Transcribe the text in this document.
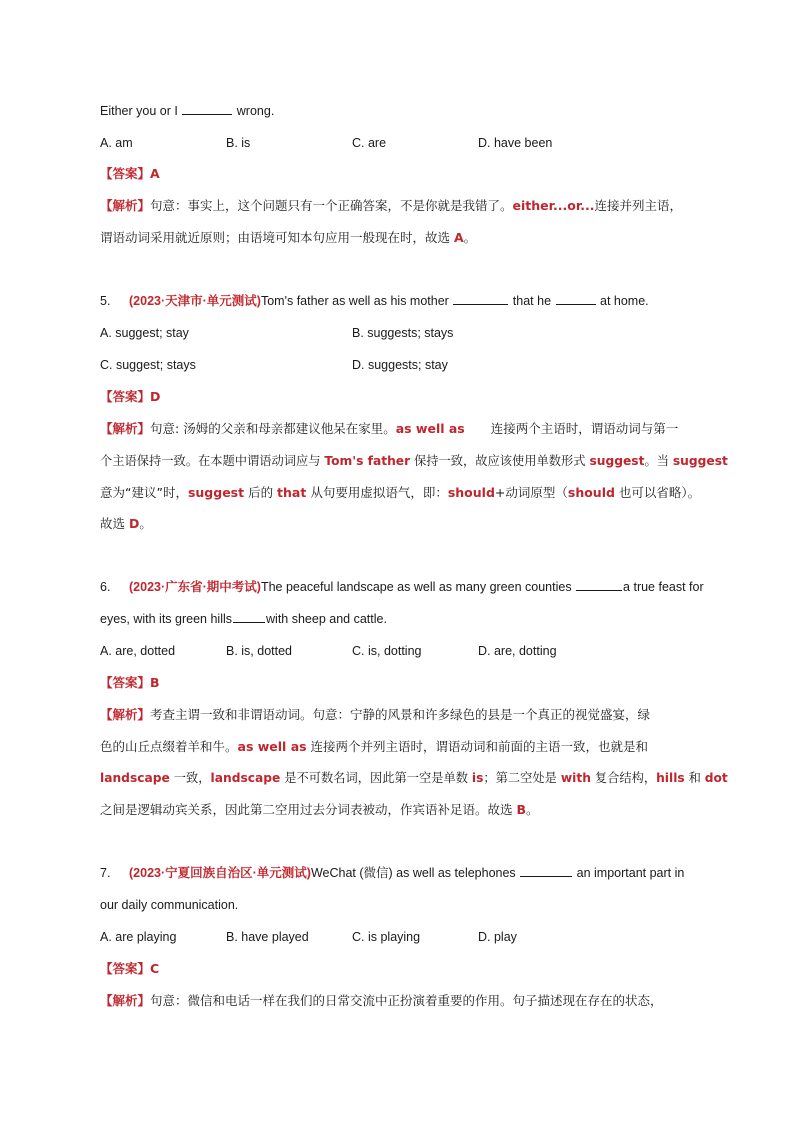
Either you or I	wrong.
A. am	B. is	C. are	D. have been
【答案】A
【解析】句意：事实上，这个问题只有一个正确答案，不是你就是我错了。either...or...连接并列主语，
谓语动词采用就近原则；由语境可知本句应用一般现在时，故选 A。
5. (2023·天津市·单元测试)Tom's father as well as his mother	that he	at home.
A. suggest; stay	B. suggests; stays
C. suggest; stays	D. suggests; stay
【答案】D
【解析】句意: 汤姆的父亲和母亲都建议他呆在家里。as well as 连接两个主语时，谓语动词与第一
个主语保持一致。在本题中谓语动词应与 Tom's father 保持一致，故应该使用单数形式 suggest。当 suggest
意为“建议”时，suggest 后的 that 从句要用虚拟语气，即：should+动词原型（should 也可以省略）。
故选 D。
6. (2023·广东省·期中考试)The peaceful landscape as well as many green counties	a true feast for
eyes, with its green hills	with sheep and cattle.
A. are, dotted	B. is, dotted	C. is, dotting	D. are, dotting
【答案】B
【解析】考查主谓一致和非谓语动词。句意：宁静的风景和许多绿色的县是一个真正的视觉盛宴，绿
色的山丘点缀着羊和牛。as well as 连接两个并列主语时，谓语动词和前面的主语一致，也就是和
landscape 一致，landscape 是不可数名词，因此第一空是单数 is；第二空处是 with 复合结构，hills 和 dot
之间是逻辑动宾关系，因此第二空用过去分词表被动，作宾语补足语。故选 B。
7. (2023·宁夏回族自治区·单元测试)WeChat (微信) as well as telephones	an important part in
our daily communication.
A. are playing	B. have played	C. is playing	D. play
【答案】C
【解析】句意：微信和电话一样在我们的日常交流中正扮演着重要的作用。句子描述现在存在的状态，
